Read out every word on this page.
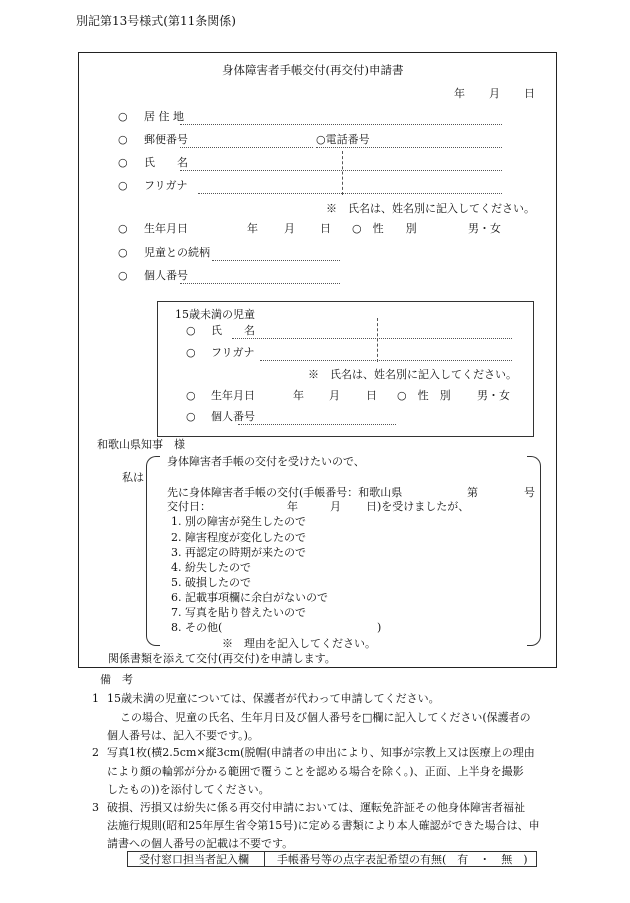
別記第13号様式(第11条関係)
身体障害者手帳交付(再交付)申請書
年 月 日
○ 居 住 地
○ 郵便番号	○電話番号
○ 氏　　名
○ フリガナ
※　氏名は、姓名別に記入してください。
○ 生年月日	年 月 日 ○　性　　別	男・女
○ 児童との続柄
○ 個人番号
15歳未満の児童
○ 氏　　名
○ フリガナ
※　氏名は、姓名別に記入してください。
○ 生年月日	年 月 日 ○　性　別 男・女
○ 個人番号
和歌山県知事　様
私は
身体障害者手帳の交付を受けたいので、
先に身体障害者手帳の交付(手帳番号：和歌山県	第	号
交付日：	年	月 日)を受けましたが、
1. 別の障害が発生したので
2. 障害程度が変化したので
3. 再認定の時期が来たので
4. 紛失したので
5. 破損したので
6. 記載事項欄に余白がないので
7. 写真を貼り替えたいので
8. その他(	)
※　理由を記入してください。
関係書類を添えて交付(再交付)を申請します。
備　考
1 15歳未満の児童については、保護者が代わって申請してください。
この場合、児童の氏名、生年月日及び個人番号を□欄に記入してください(保護者の
個人番号は、記入不要です。)。
2 写真1枚(横2.5cm×縦3cm(脱帽(申請者の申出により、知事が宗教上又は医療上の理由
により顔の輪郭が分かる範囲で覆うことを認める場合を除く。)、正面、上半身を撮影
したもの))を添付してください。
3 破損、汚損又は紛失に係る再交付申請においては、運転免許証その他身体障害者福祉
法施行規則(昭和25年厚生省令第15号)に定める書類により本人確認ができた場合は、申
請書への個人番号の記載は不要です。
受付窓口担当者記入欄	手帳番号等の点字表記希望の有無(　有　・　無　)
